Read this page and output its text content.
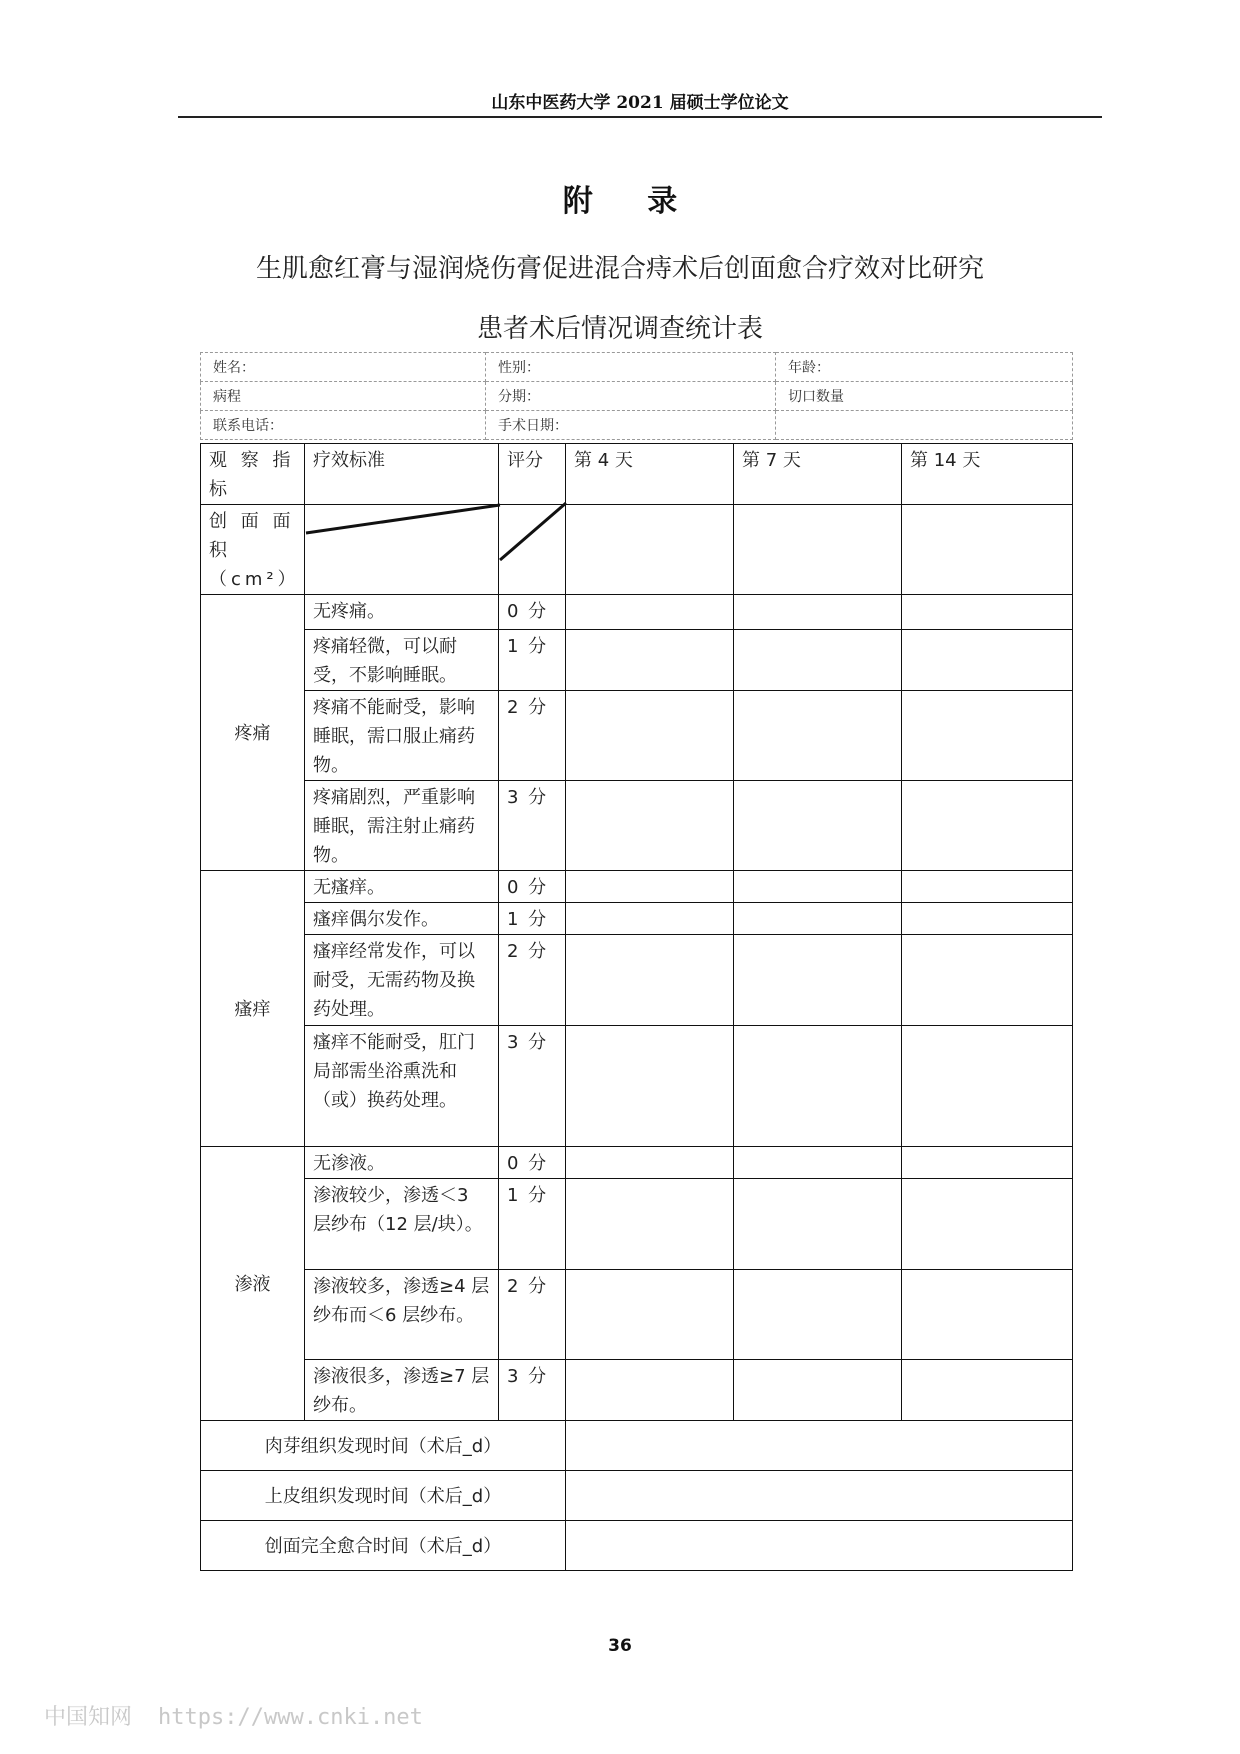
山东中医药大学 2021 届硕士学位论文
附 录
生肌愈红膏与湿润烧伤膏促进混合痔术后创面愈合疗效对比研究
患者术后情况调查统计表
姓名：	性别：	年龄：
病程	分期：	切口数量
联系电话：	手术日期：	
观 察 指 标	疗效标准	评分	第 4 天	第 7 天	第 14 天
创 面 面 积（cm²）					
疼痛	无疼痛。	0 分			
	疼痛轻微，可以耐受，不影响睡眠。	1 分			
	疼痛不能耐受，影响睡眠，需口服止痛药物。	2 分			
	疼痛剧烈，严重影响睡眠，需注射止痛药物。	3 分			
瘙痒	无瘙痒。	0 分			
	瘙痒偶尔发作。	1 分			
	瘙痒经常发作，可以耐受，无需药物及换药处理。	2 分			
	瘙痒不能耐受，肛门局部需坐浴熏洗和（或）换药处理。	3 分			
渗液	无渗液。	0 分			
	渗液较少，渗透＜3 层纱布（12 层/块）。	1 分			
	渗液较多，渗透≥4 层纱布而＜6 层纱布。	2 分			
	渗液很多，渗透≥7 层纱布。	3 分			
肉芽组织发现时间（术后_d）					
上皮组织发现时间（术后_d）					
创面完全愈合时间（术后_d）					
36
中国知网 https://www.cnki.net
